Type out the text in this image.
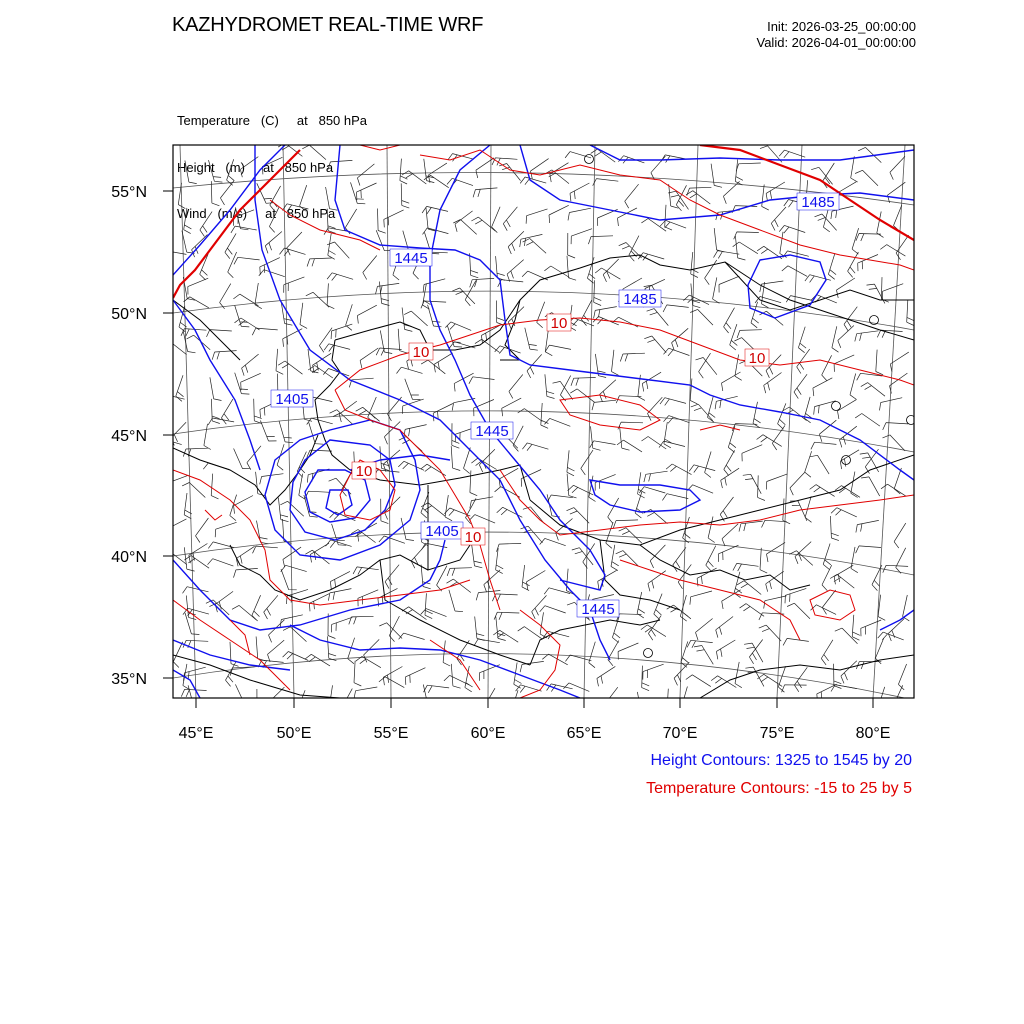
KAZHYDROMET REAL-TIME WRF	Init: 2026-03-25_00:00:00
Valid: 2026-04-01_00:00:00

Temperature   (C)     at   850 hPa

Height   (m)     at   850 hPa

Wind   (m/s)     at   850 hPa

1485
1445
1485
1405
1445
1405
1445
10
10	10
10
10
45°E	50°E	55°E	60°E	65°E	70°E	75°E	80°E
55°N
50°N
45°N
40°N
35°N
Height Contours: 1325 to 1545 by 20
Temperature Contours: -15 to 25 by 5
